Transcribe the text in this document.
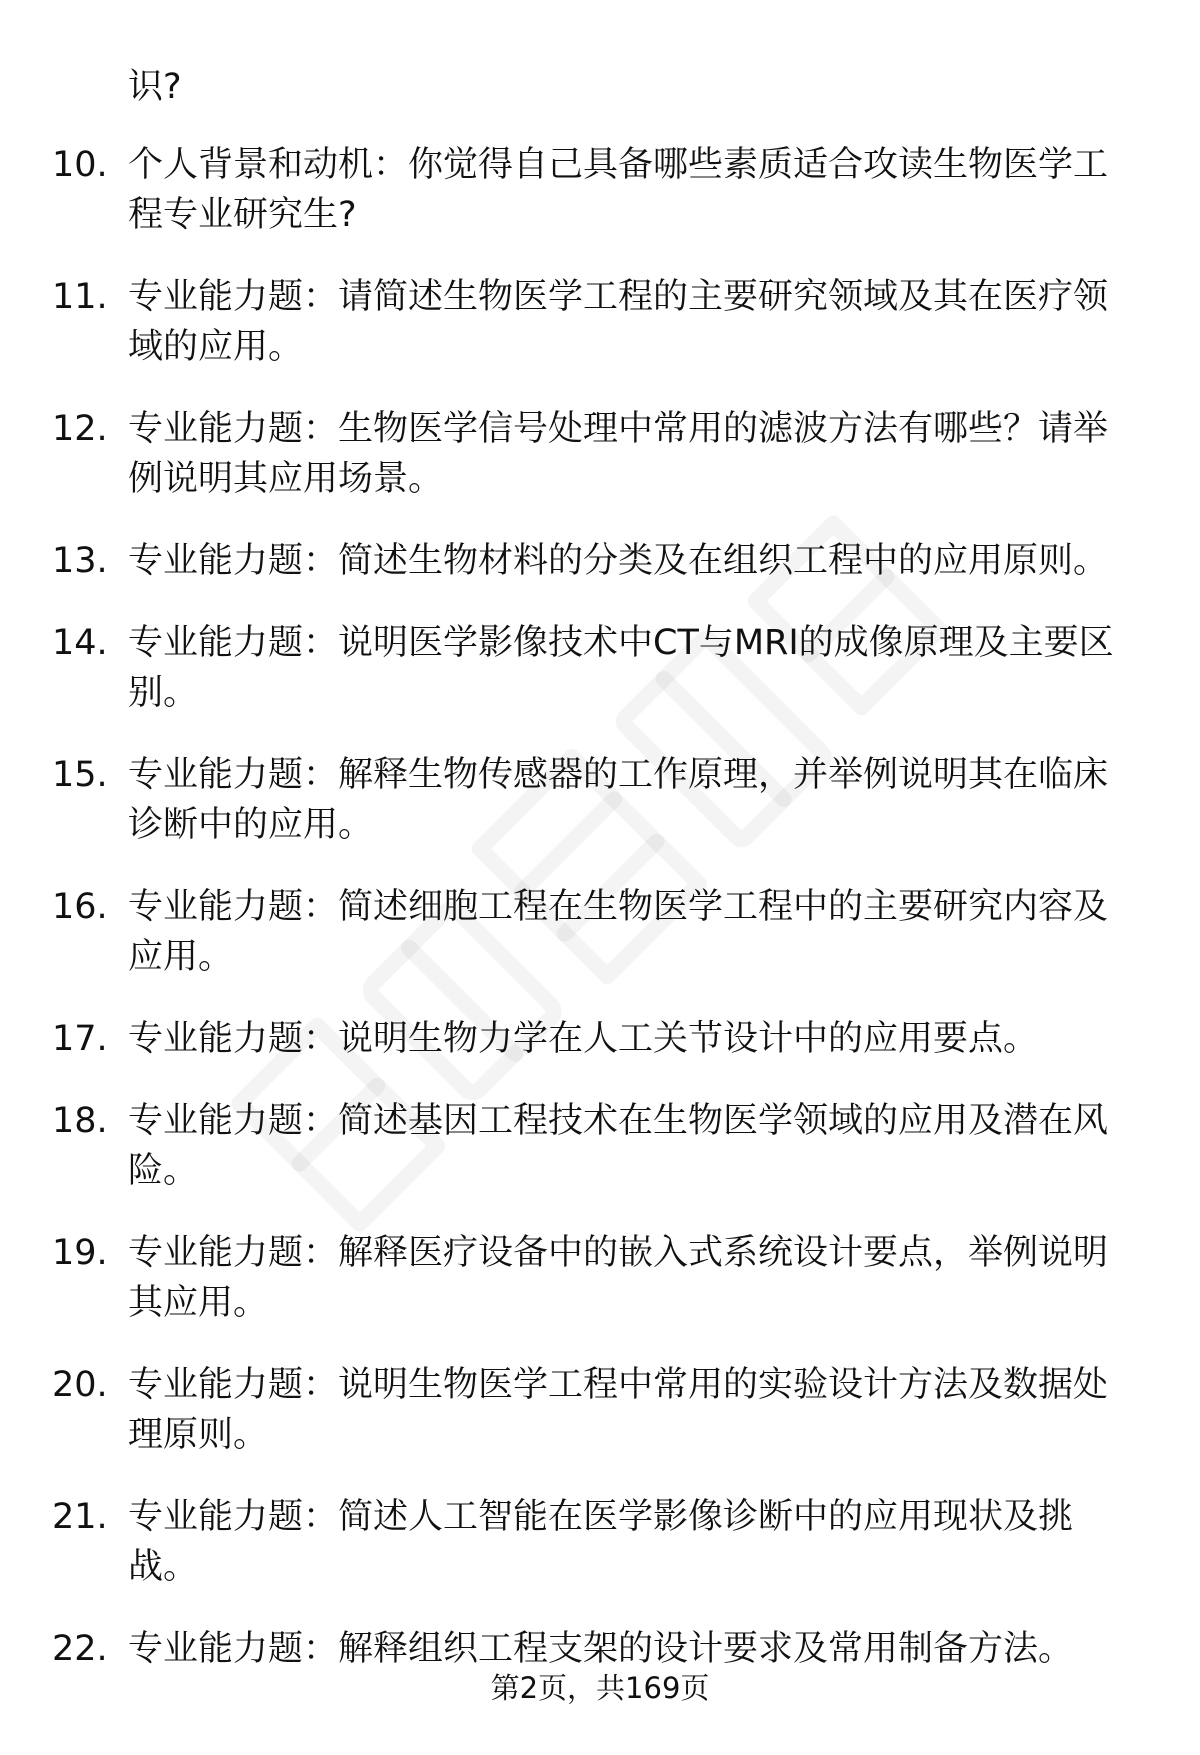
识?
10. 个人背景和动机：你觉得自己具备哪些素质适合攻读生物医学工程专业研究生?
11. 专业能力题：请简述生物医学工程的主要研究领域及其在医疗领域的应用。
12. 专业能力题：生物医学信号处理中常用的滤波方法有哪些？请举例说明其应用场景。
13. 专业能力题：简述生物材料的分类及在组织工程中的应用原则。
14. 专业能力题：说明医学影像技术中CT与MRI的成像原理及主要区别。
15. 专业能力题：解释生物传感器的工作原理，并举例说明其在临床诊断中的应用。
16. 专业能力题：简述细胞工程在生物医学工程中的主要研究内容及应用。
17. 专业能力题：说明生物力学在人工关节设计中的应用要点。
18. 专业能力题：简述基因工程技术在生物医学领域的应用及潜在风险。
19. 专业能力题：解释医疗设备中的嵌入式系统设计要点，举例说明其应用。
20. 专业能力题：说明生物医学工程中常用的实验设计方法及数据处理原则。
21. 专业能力题：简述人工智能在医学影像诊断中的应用现状及挑战。
22. 专业能力题：解释组织工程支架的设计要求及常用制备方法。
第2页，共169页
